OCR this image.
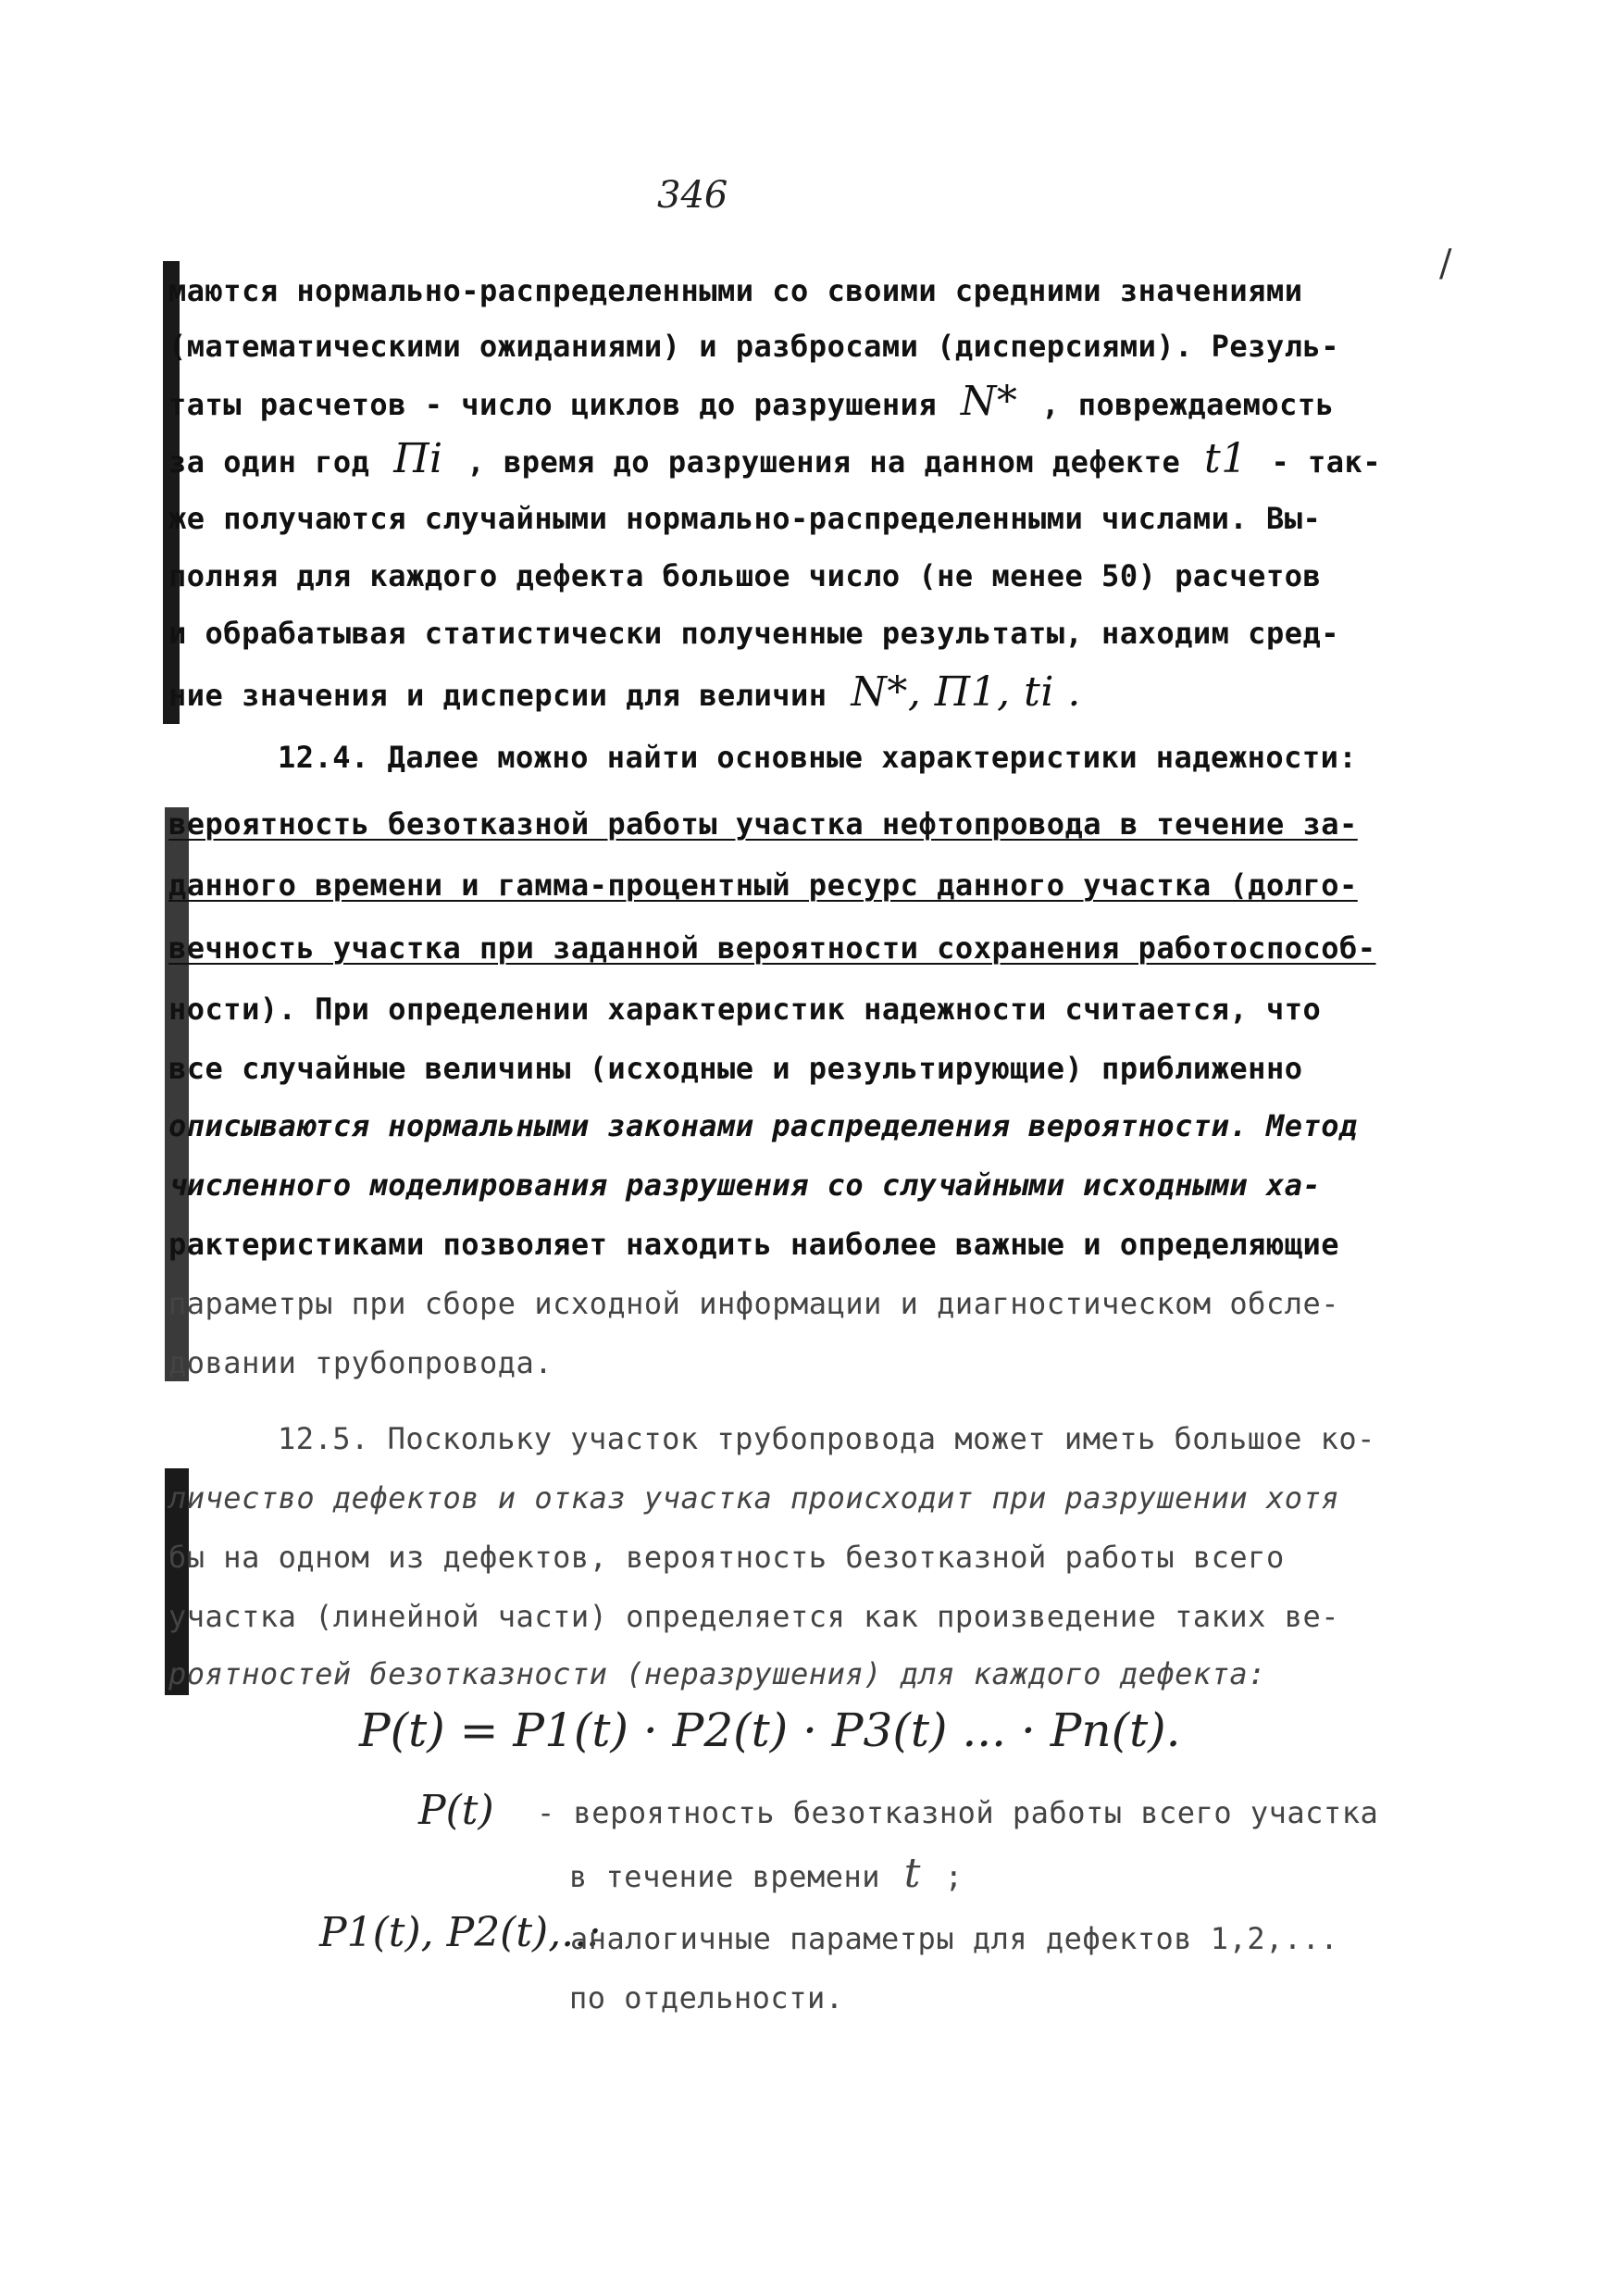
346
/
маются нормально-распределенными со своими средними значениями
(математическими ожиданиями) и разбросами (дисперсиями). Резуль-
таты расчетов - число циклов до разрушения N* , повреждаемость
за один год Пi , время до разрушения на данном дефекте t1 - так-
же получаются случайными нормально-распределенными числами. Вы-
полняя для каждого дефекта большое число (не менее 50) расчетов
и обрабатывая статистически полученные результаты, находим сред-
ние значения и дисперсии для величин N*, П1, ti .
12.4. Далее можно найти основные характеристики надежности:
вероятность безотказной работы участка нефтопровода в течение за-
данного времени и гамма-процентный ресурс данного участка (долго-
вечность участка при заданной вероятности сохранения работоспособ-
ности). При определении характеристик надежности считается, что
все случайные величины (исходные и результирующие) приближенно
описываются нормальными законами распределения вероятности. Метод
численного моделирования разрушения со случайными исходными ха-
рактеристиками позволяет находить наиболее важные и определяющие
параметры при сборе исходной информации и диагностическом обсле-
довании трубопровода.
12.5. Поскольку участок трубопровода может иметь большое ко-
личество дефектов и отказ участка происходит при разрушении хотя
бы на одном из дефектов, вероятность безотказной работы всего
участка (линейной части) определяется как произведение таких ве-
роятностей безотказности (неразрушения) для каждого дефекта:
P(t) = P1(t) · P2(t) · P3(t) ... · Pn(t).
P(t) - вероятность безотказной работы всего участка
в течение времени t ;
P1(t), P2(t),..:
аналогичные параметры для дефектов 1,2,...
по отдельности.
